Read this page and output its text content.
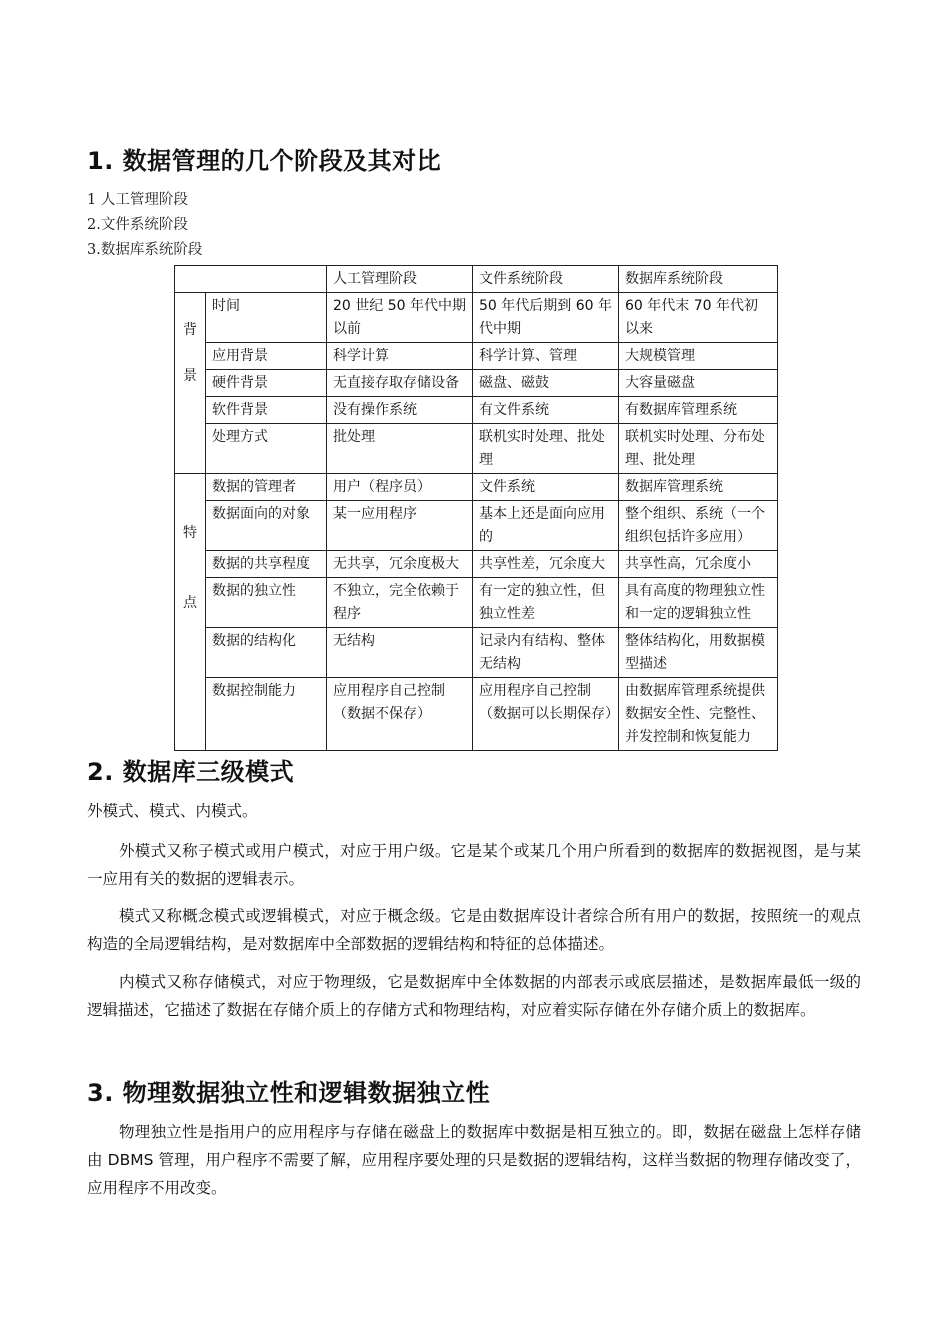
1. 数据管理的几个阶段及其对比
1 人工管理阶段
2.文件系统阶段
3.数据库系统阶段
		人工管理阶段	文件系统阶段	数据库系统阶段

背
景	时间	20 世纪 50 年代中期以前	50 年代后期到 60 年代中期	60 年代末 70 年代初以来
	应用背景	科学计算	科学计算、管理	大规模管理
	硬件背景	无直接存取存储设备	磁盘、磁鼓	大容量磁盘
	软件背景	没有操作系统	有文件系统	有数据库管理系统
	处理方式	批处理	联机实时处理、批处理	联机实时处理、分布处理、批处理

特
点	数据的管理者	用户（程序员）	文件系统	数据库管理系统
	数据面向的对象	某一应用程序	基本上还是面向应用的	整个组织、系统（一个组织包括许多应用）
	数据的共享程度	无共享，冗余度极大	共享性差，冗余度大	共享性高，冗余度小
	数据的独立性	不独立，完全依赖于程序	有一定的独立性，但独立性差	具有高度的物理独立性和一定的逻辑独立性
	数据的结构化	无结构	记录内有结构、整体无结构	整体结构化，用数据模型描述
	数据控制能力	应用程序自己控制（数据不保存）	应用程序自己控制（数据可以长期保存）	由数据库管理系统提供数据安全性、完整性、并发控制和恢复能力
2. 数据库三级模式

外模式、模式、内模式。

外模式又称子模式或用户模式，对应于用户级。它是某个或某几个用户所看到的数据库的数据视图，是与某一应用有关的数据的逻辑表示。

模式又称概念模式或逻辑模式，对应于概念级。它是由数据库设计者综合所有用户的数据，按照统一的观点构造的全局逻辑结构，是对数据库中全部数据的逻辑结构和特征的总体描述。

内模式又称存储模式，对应于物理级，它是数据库中全体数据的内部表示或底层描述，是数据库最低一级的逻辑描述，它描述了数据在存储介质上的存储方式和物理结构，对应着实际存储在外存储介质上的数据库。

3. 物理数据独立性和逻辑数据独立性

物理独立性是指用户的应用程序与存储在磁盘上的数据库中数据是相互独立的。即，数据在磁盘上怎样存储由 DBMS 管理，用户程序不需要了解，应用程序要处理的只是数据的逻辑结构，这样当数据的物理存储改变了，应用程序不用改变。
